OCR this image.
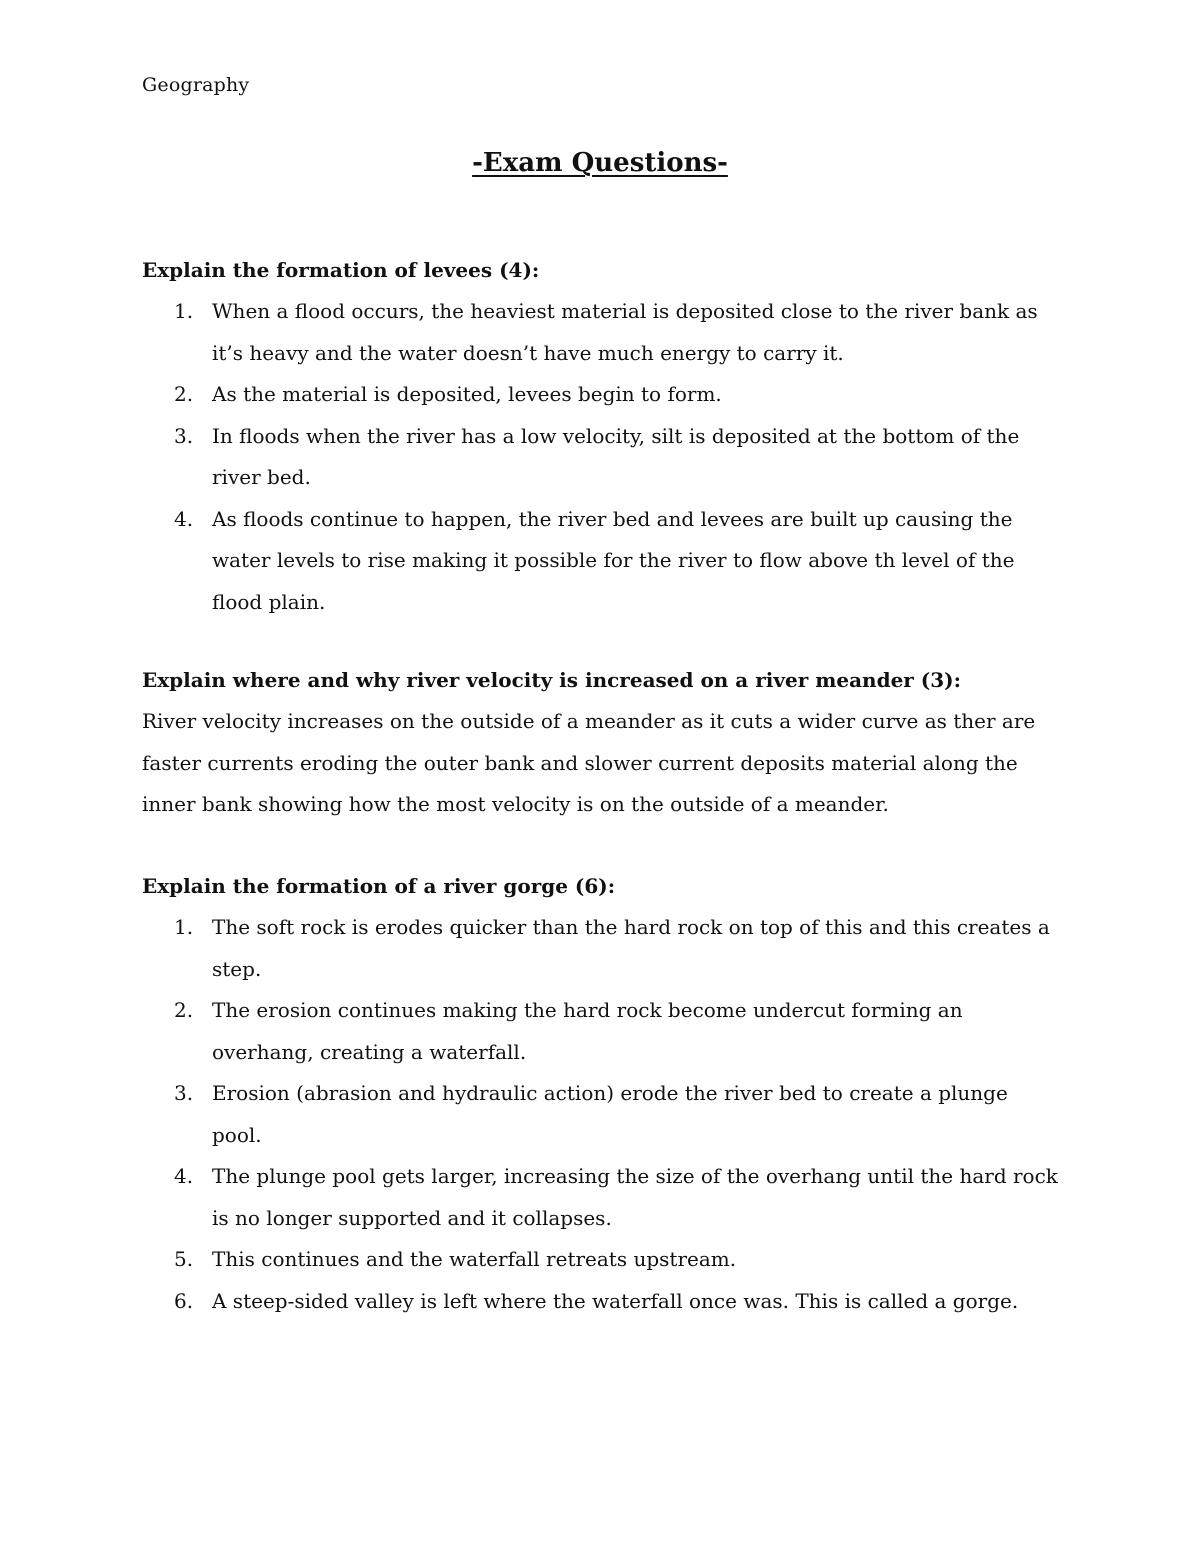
Geography
-Exam Questions-
Explain the formation of levees (4):
1. When a flood occurs, the heaviest material is deposited close to the river bank as it’s heavy and the water doesn’t have much energy to carry it.
2. As the material is deposited, levees begin to form.
3. In floods when the river has a low velocity, silt is deposited at the bottom of the river bed.
4. As floods continue to happen, the river bed and levees are built up causing the water levels to rise making it possible for the river to flow above th level of the flood plain.
Explain where and why river velocity is increased on a river meander (3):
River velocity increases on the outside of a meander as it cuts a wider curve as ther are faster currents eroding the outer bank and slower current deposits material along the inner bank showing how the most velocity is on the outside of a meander.
Explain the formation of a river gorge (6):
1. The soft rock is erodes quicker than the hard rock on top of this and this creates a step.
2. The erosion continues making the hard rock become undercut forming an overhang, creating a waterfall.
3. Erosion (abrasion and hydraulic action) erode the river bed to create a plunge pool.
4. The plunge pool gets larger, increasing the size of the overhang until the hard rock is no longer supported and it collapses.
5. This continues and the waterfall retreats upstream.
6. A steep-sided valley is left where the waterfall once was. This is called a gorge.
